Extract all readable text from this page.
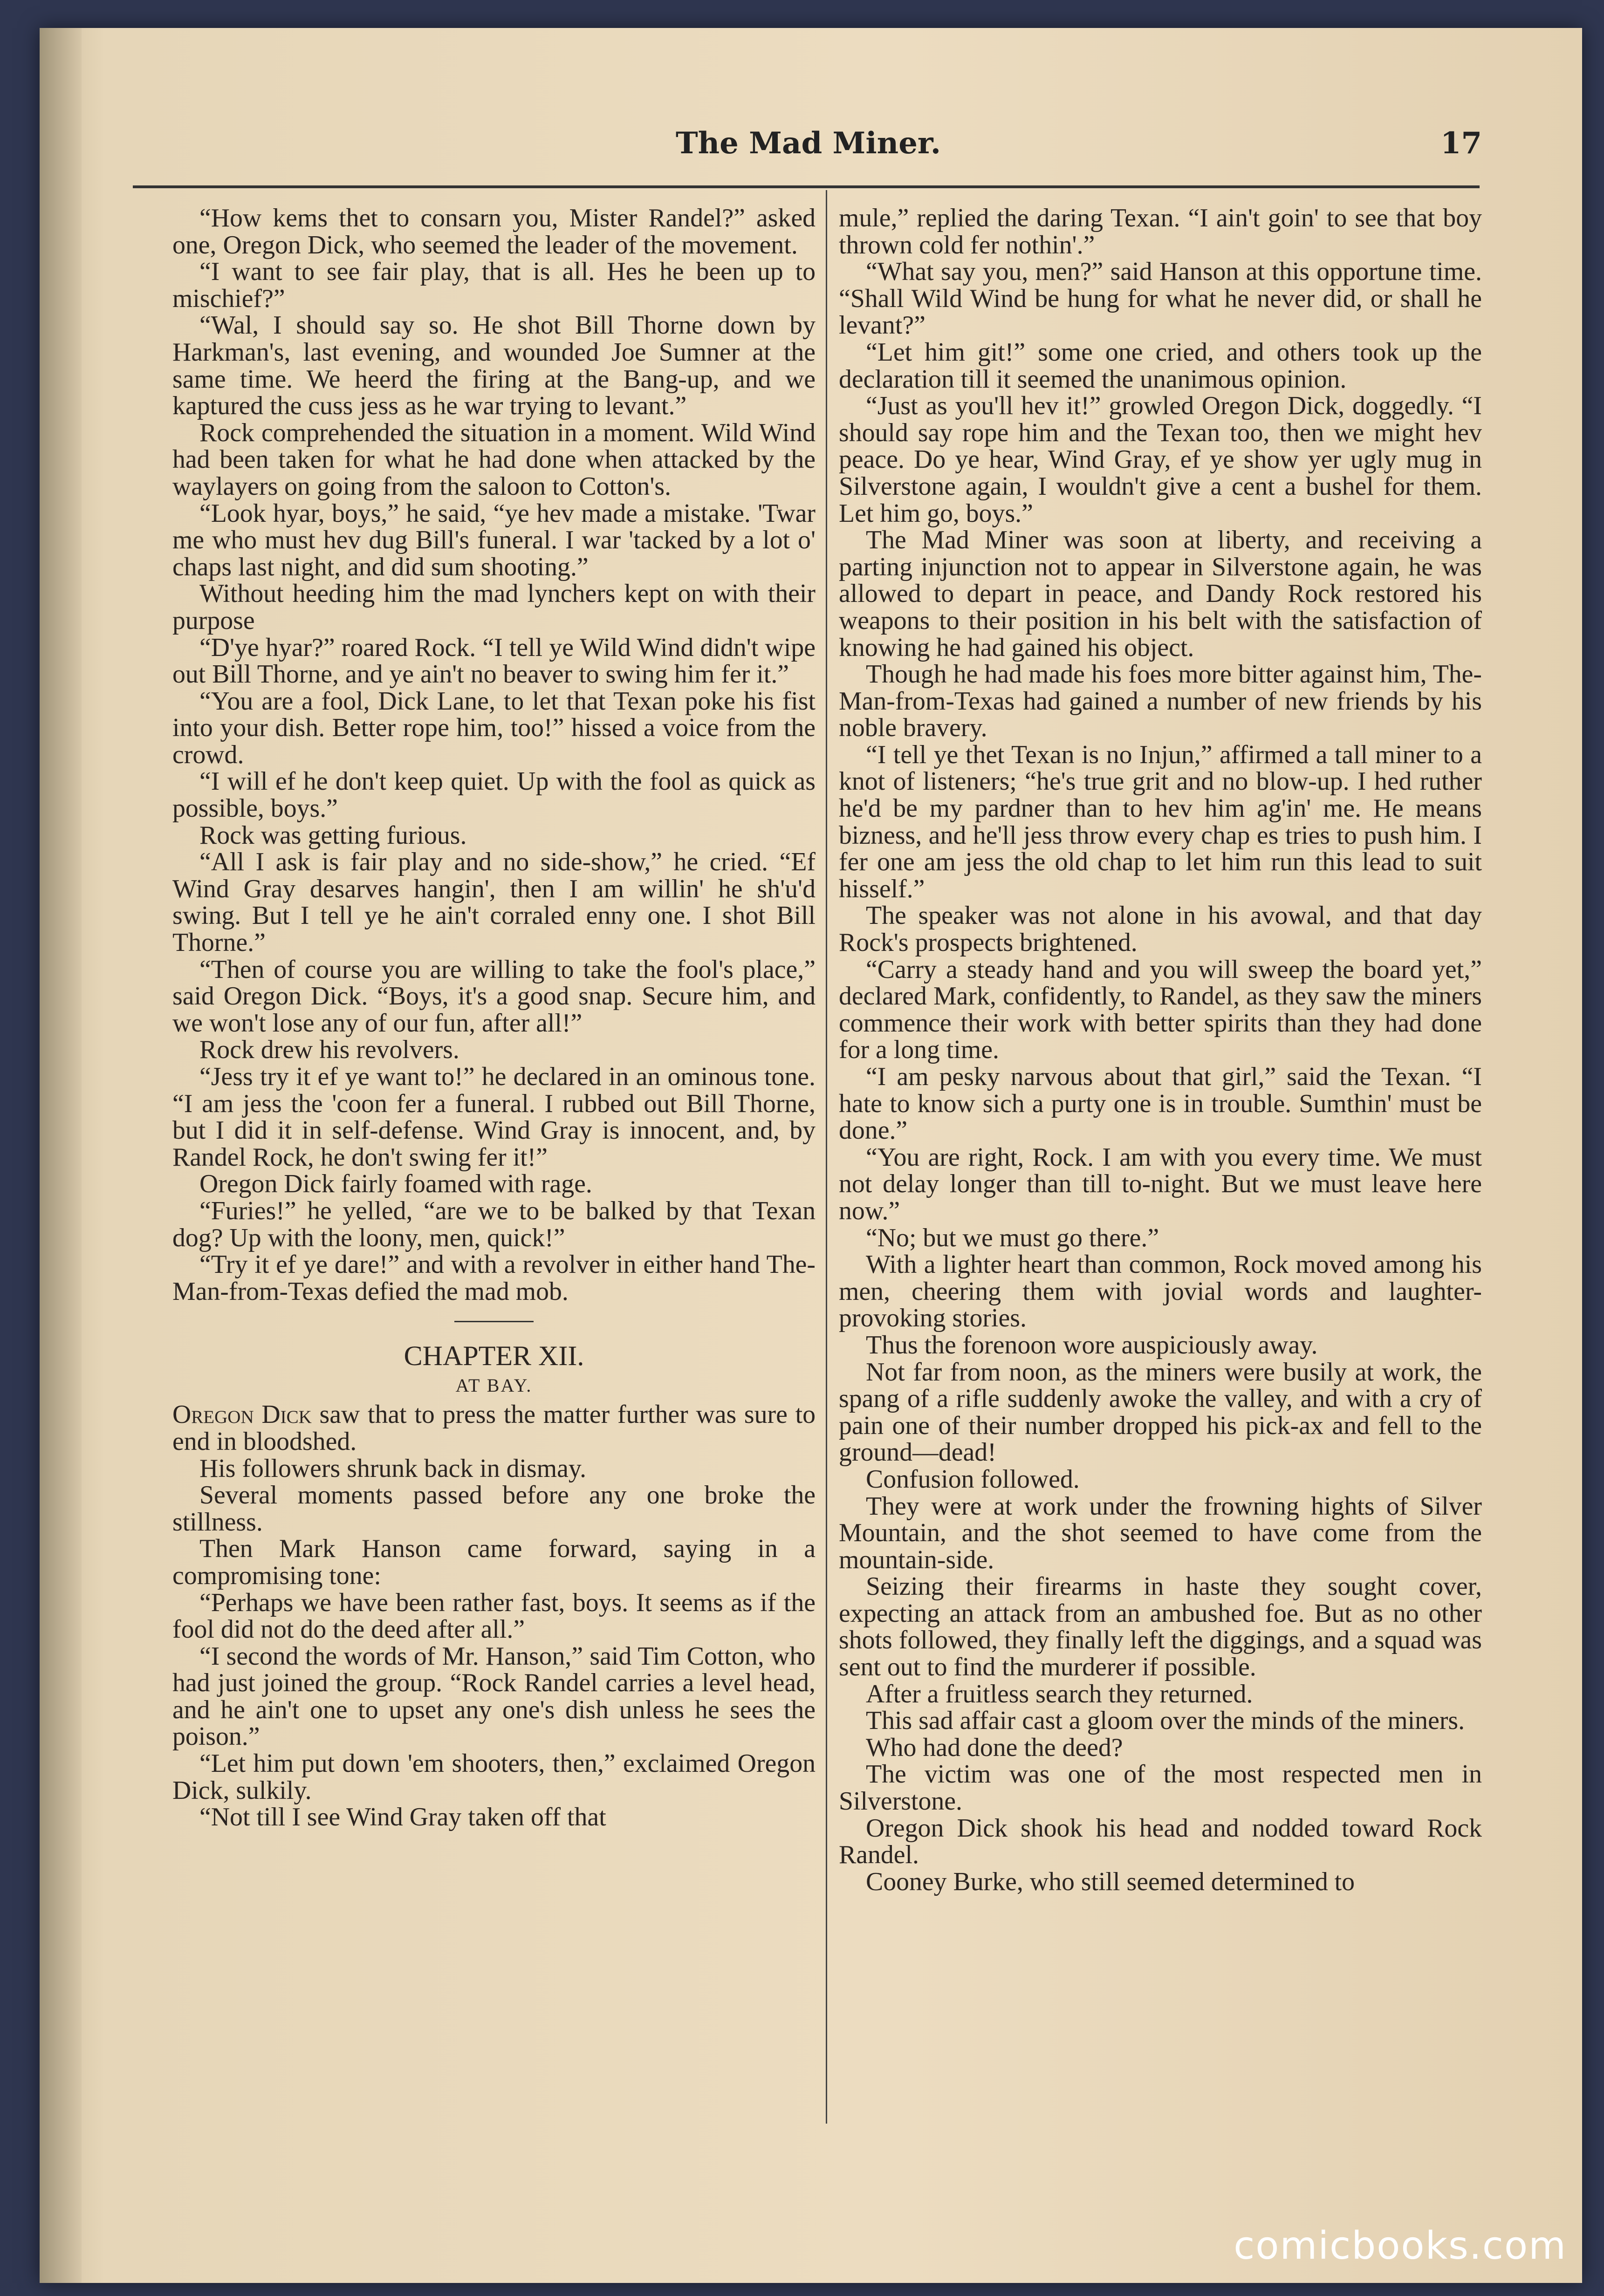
The Mad Miner.	17

“How kems thet to consarn you, Mister Randel?” asked one, Oregon Dick, who seemed the leader of the movement.

“I want to see fair play, that is all. Hes he been up to mischief?”

“Wal, I should say so. He shot Bill Thorne down by Harkman's, last evening, and wounded Joe Sumner at the same time. We heerd the firing at the Bang-up, and we kaptured the cuss jess as he war trying to levant.”

Rock comprehended the situation in a moment. Wild Wind had been taken for what he had done when attacked by the waylayers on going from the saloon to Cotton's.

“Look hyar, boys,” he said, “ye hev made a mistake. 'Twar me who must hev dug Bill's funeral. I war 'tacked by a lot o' chaps last night, and did sum shooting.”

Without heeding him the mad lynchers kept on with their purpose

“D'ye hyar?” roared Rock. “I tell ye Wild Wind didn't wipe out Bill Thorne, and ye ain't no beaver to swing him fer it.”

“You are a fool, Dick Lane, to let that Texan poke his fist into your dish. Better rope him, too!” hissed a voice from the crowd.

“I will ef he don't keep quiet. Up with the fool as quick as possible, boys.”

Rock was getting furious.

“All I ask is fair play and no side-show,” he cried. “Ef Wind Gray desarves hangin', then I am willin' he sh'u'd swing. But I tell ye he ain't corraled enny one. I shot Bill Thorne.”

“Then of course you are willing to take the fool's place,” said Oregon Dick. “Boys, it's a good snap. Secure him, and we won't lose any of our fun, after all!”

Rock drew his revolvers.

“Jess try it ef ye want to!” he declared in an ominous tone. “I am jess the 'coon fer a funeral. I rubbed out Bill Thorne, but I did it in self-defense. Wind Gray is innocent, and, by Randel Rock, he don't swing fer it!”

Oregon Dick fairly foamed with rage.

“Furies!” he yelled, “are we to be balked by that Texan dog? Up with the loony, men, quick!”

“Try it ef ye dare!” and with a revolver in either hand The-Man-from-Texas defied the mad mob.

CHAPTER XII.
AT BAY.

Oregon Dick saw that to press the matter further was sure to end in bloodshed.

His followers shrunk back in dismay.

Several moments passed before any one broke the stillness.

Then Mark Hanson came forward, saying in a compromising tone:

“Perhaps we have been rather fast, boys. It seems as if the fool did not do the deed after all.”

“I second the words of Mr. Hanson,” said Tim Cotton, who had just joined the group. “Rock Randel carries a level head, and he ain't one to upset any one's dish unless he sees the poison.”

“Let him put down 'em shooters, then,” exclaimed Oregon Dick, sulkily.

“Not till I see Wind Gray taken off that

mule,” replied the daring Texan. “I ain't goin' to see that boy thrown cold fer nothin'.”

“What say you, men?” said Hanson at this opportune time. “Shall Wild Wind be hung for what he never did, or shall he levant?”

“Let him git!” some one cried, and others took up the declaration till it seemed the unanimous opinion.

“Just as you'll hev it!” growled Oregon Dick, doggedly. “I should say rope him and the Texan too, then we might hev peace. Do ye hear, Wind Gray, ef ye show yer ugly mug in Silverstone again, I wouldn't give a cent a bushel for them. Let him go, boys.”

The Mad Miner was soon at liberty, and receiving a parting injunction not to appear in Silverstone again, he was allowed to depart in peace, and Dandy Rock restored his weapons to their position in his belt with the satisfaction of knowing he had gained his object.

Though he had made his foes more bitter against him, The-Man-from-Texas had gained a number of new friends by his noble bravery.

“I tell ye thet Texan is no Injun,” affirmed a tall miner to a knot of listeners; “he's true grit and no blow-up. I hed ruther he'd be my pardner than to hev him ag'in' me. He means bizness, and he'll jess throw every chap es tries to push him. I fer one am jess the old chap to let him run this lead to suit hisself.”

The speaker was not alone in his avowal, and that day Rock's prospects brightened.

“Carry a steady hand and you will sweep the board yet,” declared Mark, confidently, to Randel, as they saw the miners commence their work with better spirits than they had done for a long time.

“I am pesky narvous about that girl,” said the Texan. “I hate to know sich a purty one is in trouble. Sumthin' must be done.”

“You are right, Rock. I am with you every time. We must not delay longer than till to-night. But we must leave here now.”

“No; but we must go there.”

With a lighter heart than common, Rock moved among his men, cheering them with jovial words and laughter-provoking stories.

Thus the forenoon wore auspiciously away.

Not far from noon, as the miners were busily at work, the spang of a rifle suddenly awoke the valley, and with a cry of pain one of their number dropped his pick-ax and fell to the ground—dead!

Confusion followed.

They were at work under the frowning hights of Silver Mountain, and the shot seemed to have come from the mountain-side.

Seizing their firearms in haste they sought cover, expecting an attack from an ambushed foe. But as no other shots followed, they finally left the diggings, and a squad was sent out to find the murderer if possible.

After a fruitless search they returned.

This sad affair cast a gloom over the minds of the miners.

Who had done the deed?

The victim was one of the most respected men in Silverstone.

Oregon Dick shook his head and nodded toward Rock Randel.

Cooney Burke, who still seemed determined to

comicbooks.com
